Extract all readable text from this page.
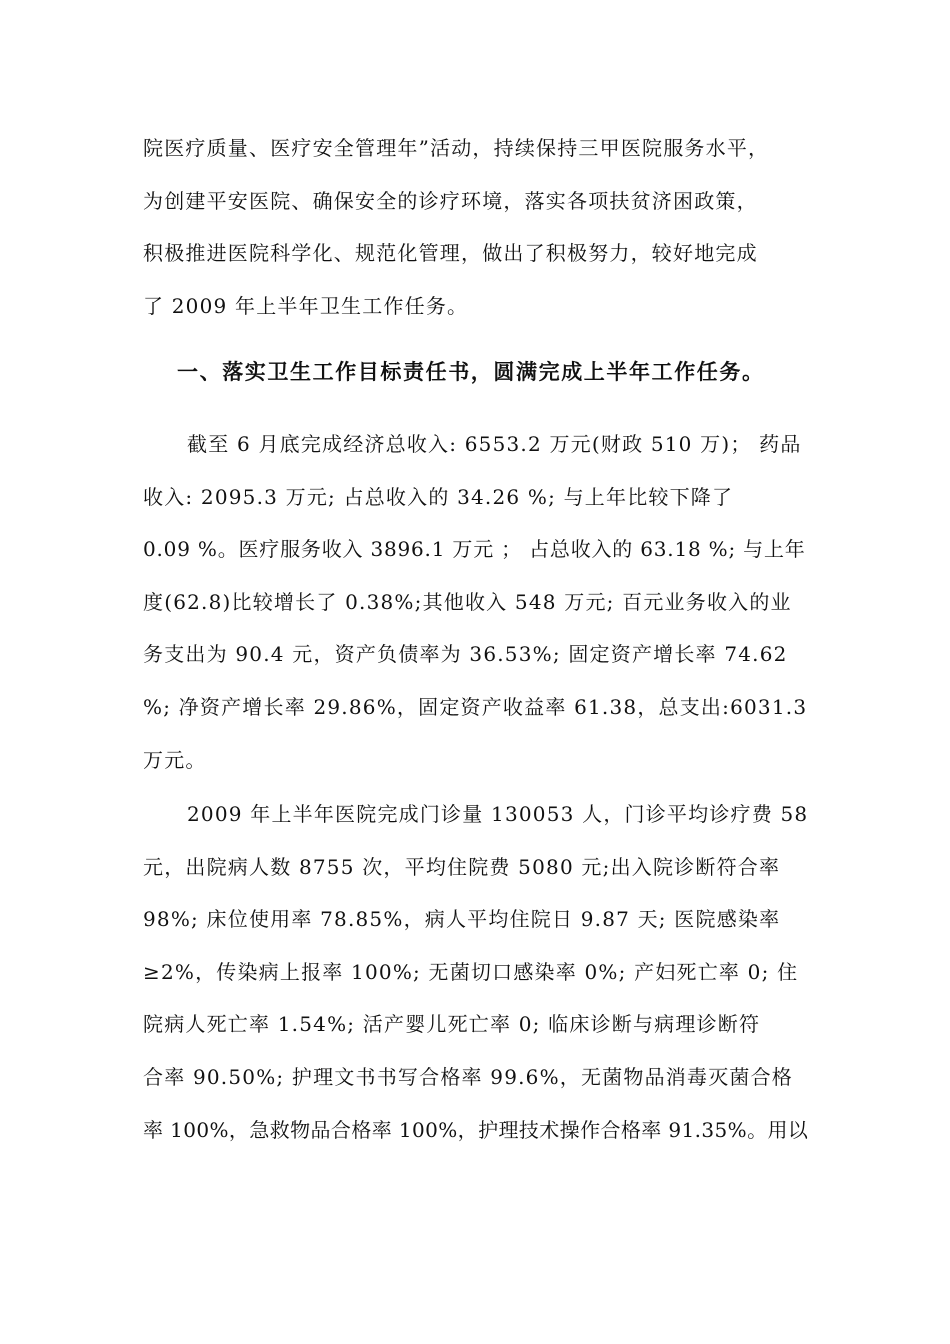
院医疗质量、医疗安全管理年”活动，持续保持三甲医院服务水平，
为创建平安医院、确保安全的诊疗环境，落实各项扶贫济困政策，
积极推进医院科学化、规范化管理，做出了积极努力，较好地完成
了 2009 年上半年卫生工作任务。
一、落实卫生工作目标责任书，圆满完成上半年工作任务。
截至 6 月底完成经济总收入: 6553.2 万元(财政 510 万)； 药品
收入: 2095.3 万元; 占总收入的 34.26 %; 与上年比较下降了
0.09 %。医疗服务收入 3896.1 万元 ； 占总收入的 63.18 %; 与上年
度(62.8)比较增长了 0.38%;其他收入 548 万元; 百元业务收入的业
务支出为 90.4 元，资产负债率为 36.53%; 固定资产增长率 74.62
%; 净资产增长率 29.86%，固定资产收益率 61.38，总支出:6031.3
万元。
2009 年上半年医院完成门诊量 130053 人，门诊平均诊疗费 58
元，出院病人数 8755 次，平均住院费 5080 元;出入院诊断符合率
98%; 床位使用率 78.85%，病人平均住院日 9.87 天; 医院感染率
≥2%，传染病上报率 100%; 无菌切口感染率 0%; 产妇死亡率 0; 住
院病人死亡率 1.54%; 活产婴儿死亡率 0; 临床诊断与病理诊断符
合率 90.50%; 护理文书书写合格率 99.6%，无菌物品消毒灭菌合格
率 100%，急救物品合格率 100%，护理技术操作合格率 91.35%。用以
